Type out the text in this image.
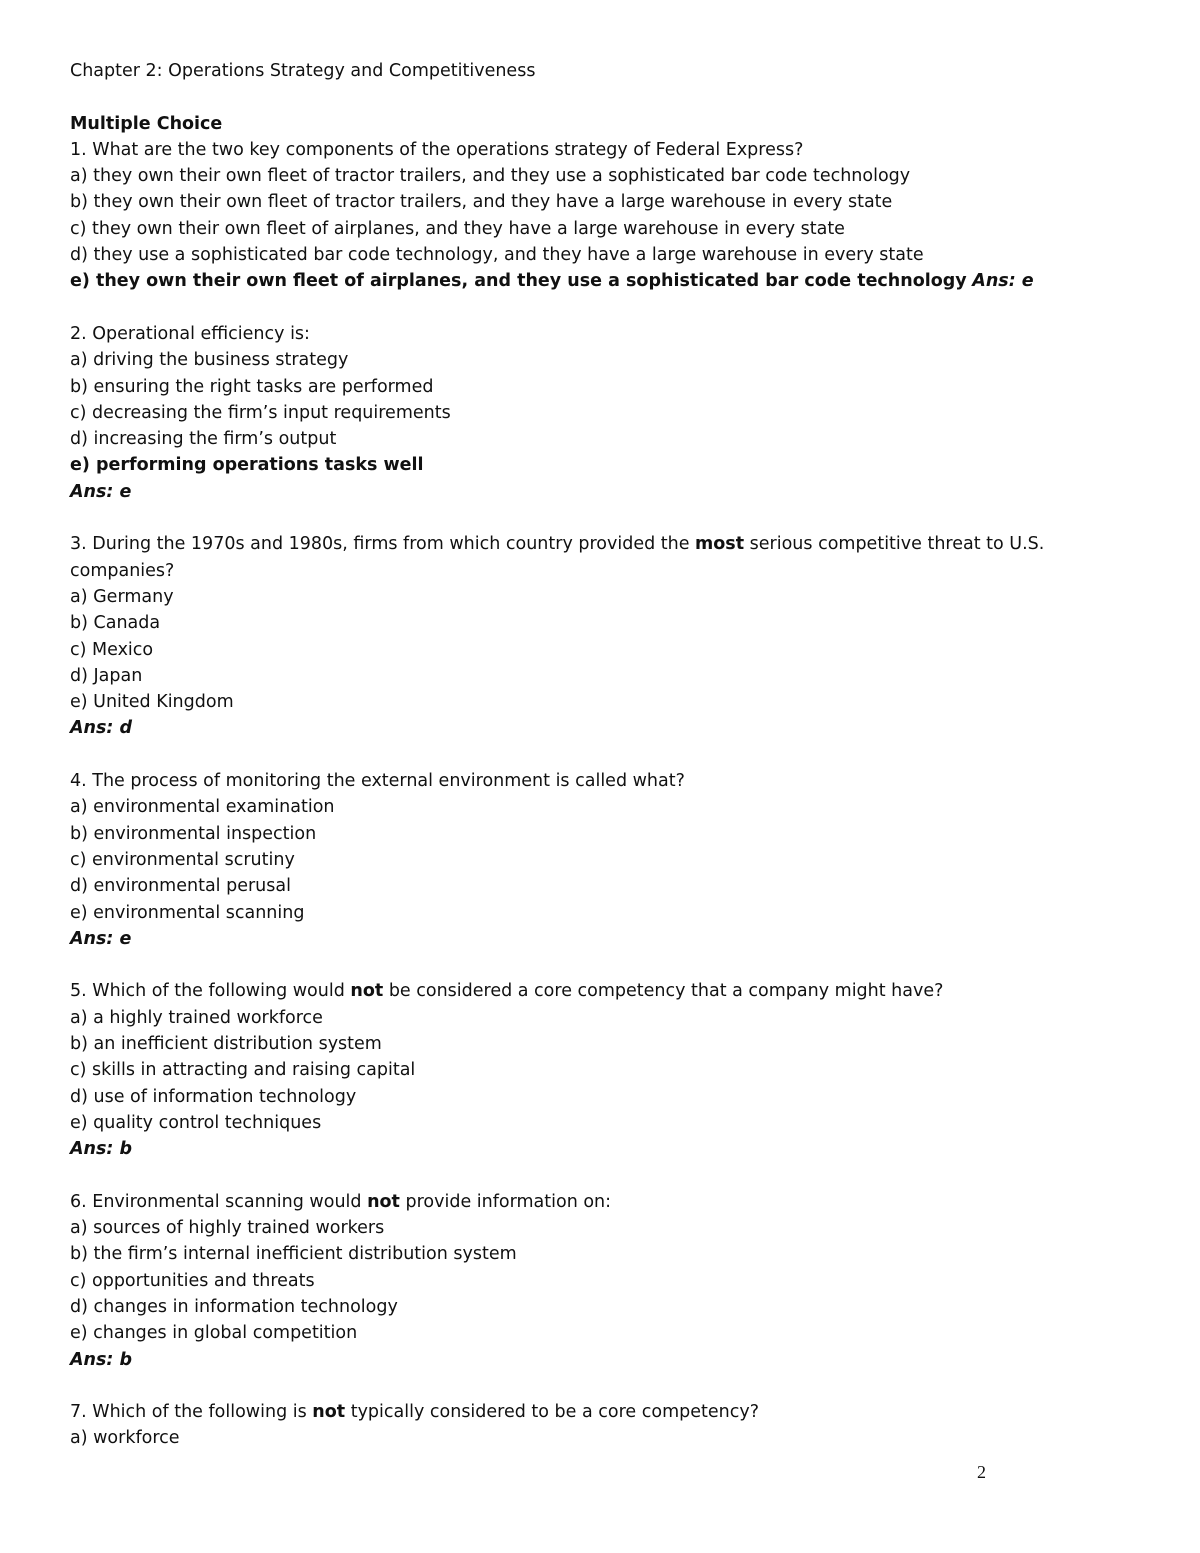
Chapter 2: Operations Strategy and Competitiveness

Multiple Choice

1. What are the two key components of the operations strategy of Federal Express?

a) they own their own fleet of tractor trailers, and they use a sophisticated bar code technology

b) they own their own fleet of tractor trailers, and they have a large warehouse in every state

c) they own their own fleet of airplanes, and they have a large warehouse in every state

d) they use a sophisticated bar code technology, and they have a large warehouse in every state

e) they own their own fleet of airplanes, and they use a sophisticated bar code technology Ans: e

2. Operational efficiency is:

a) driving the business strategy

b) ensuring the right tasks are performed

c) decreasing the firm’s input requirements

d) increasing the firm’s output

e) performing operations tasks well

Ans: e

3. During the 1970s and 1980s, firms from which country provided the most serious competitive threat to U.S. companies?

a) Germany

b) Canada

c) Mexico

d) Japan

e) United Kingdom

Ans: d

4. The process of monitoring the external environment is called what?

a) environmental examination

b) environmental inspection

c) environmental scrutiny

d) environmental perusal

e) environmental scanning

Ans: e

5. Which of the following would not be considered a core competency that a company might have?

a) a highly trained workforce

b) an inefficient distribution system

c) skills in attracting and raising capital

d) use of information technology

e) quality control techniques

Ans: b

6. Environmental scanning would not provide information on:

a) sources of highly trained workers

b) the firm’s internal inefficient distribution system

c) opportunities and threats

d) changes in information technology

e) changes in global competition

Ans: b

7. Which of the following is not typically considered to be a core competency?

a) workforce

2
